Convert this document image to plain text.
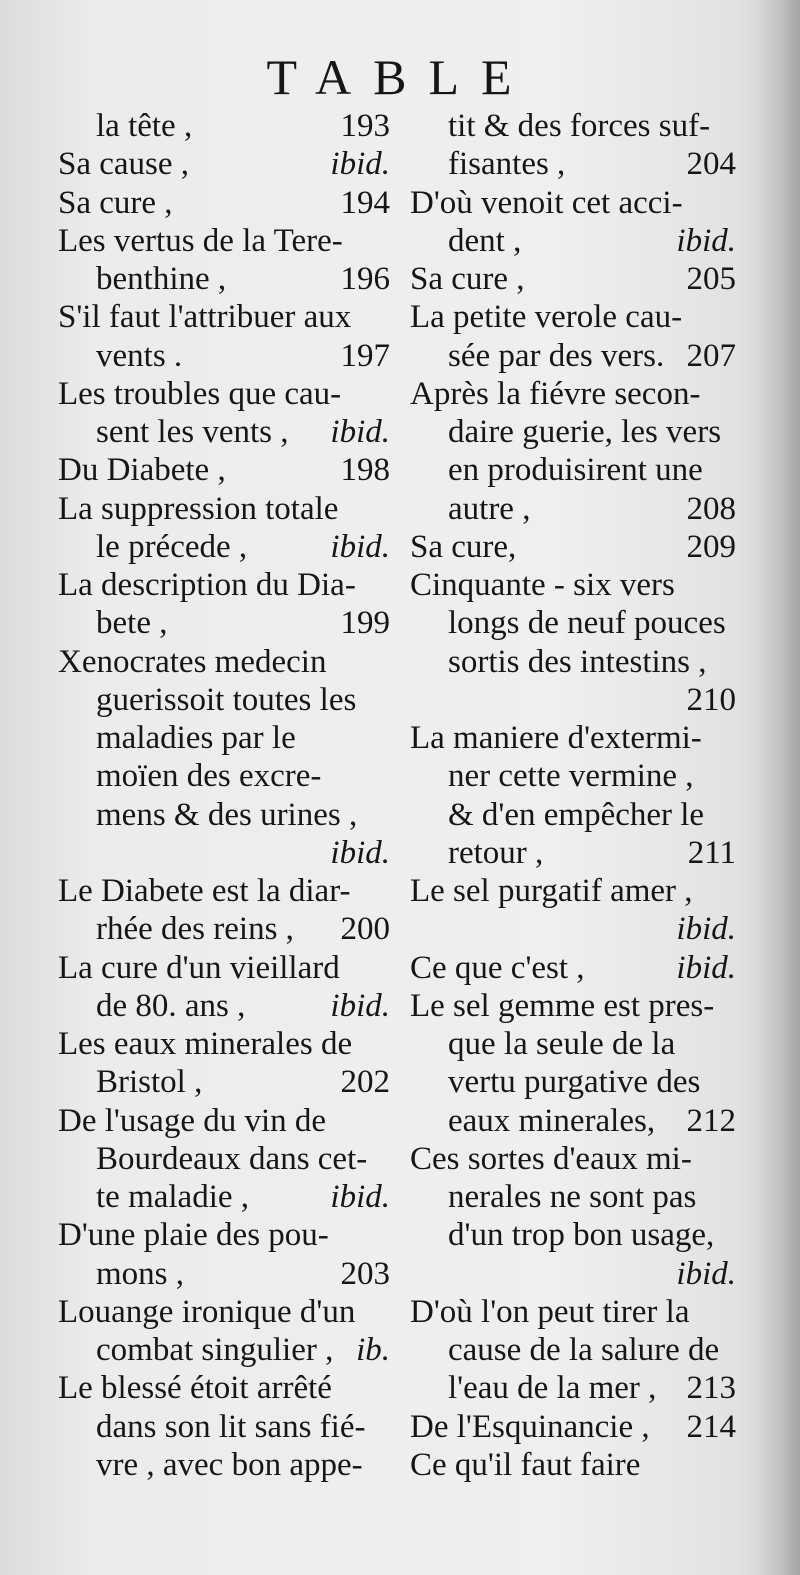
TABLE
la tête ,	193
Sa cause ,	ibid.
Sa cure ,	194
Les vertus de la Tere-
benthine ,	196
S'il faut l'attribuer aux
vents .	197
Les troubles que cau-
sent les vents , ibid.
Du Diabete ,	198
La suppression totale
le précede ,	ibid.
La description du Dia-
bete ,	199
Xenocrates medecin
guerissoit toutes les
maladies par le
moïen des excre-
mens & des urines ,
ibid.
Le Diabete est la diar-
rhée des reins , 200
La cure d'un vieillard
de 80. ans ,	ibid.
Les eaux minerales de
Bristol ,	202
De l'usage du vin de
Bourdeaux dans cet-
te maladie , ibid.
D'une plaie des pou-
mons ,	203
Louange ironique d'un
combat singulier , ib.
Le blessé étoit arrêté
dans son lit sans fié-
vre , avec bon appe-
tit & des forces suf-
fisantes ,	204
D'où venoit cet acci-
dent ,	ibid.
Sa cure ,	205
La petite verole cau-
sée par des vers. 207
Après la fiévre secon-
daire guerie, les vers
en produisirent une
autre ,	208
Sa cure,	209
Cinquante - six vers
longs de neuf pouces
sortis des intestins ,
210
La maniere d'extermi-
ner cette vermine ,
& d'en empêcher le
retour ,	211
Le sel purgatif amer ,
ibid.
Ce que c'est ,	ibid.
Le sel gemme est pres-
que la seule de la
vertu purgative des
eaux minerales, 212
Ces sortes d'eaux mi-
nerales ne sont pas
d'un trop bon usage,
ibid.
D'où l'on peut tirer la
cause de la salure de
l'eau de la mer , 213
De l'Esquinancie , 214
Ce qu'il faut faire
